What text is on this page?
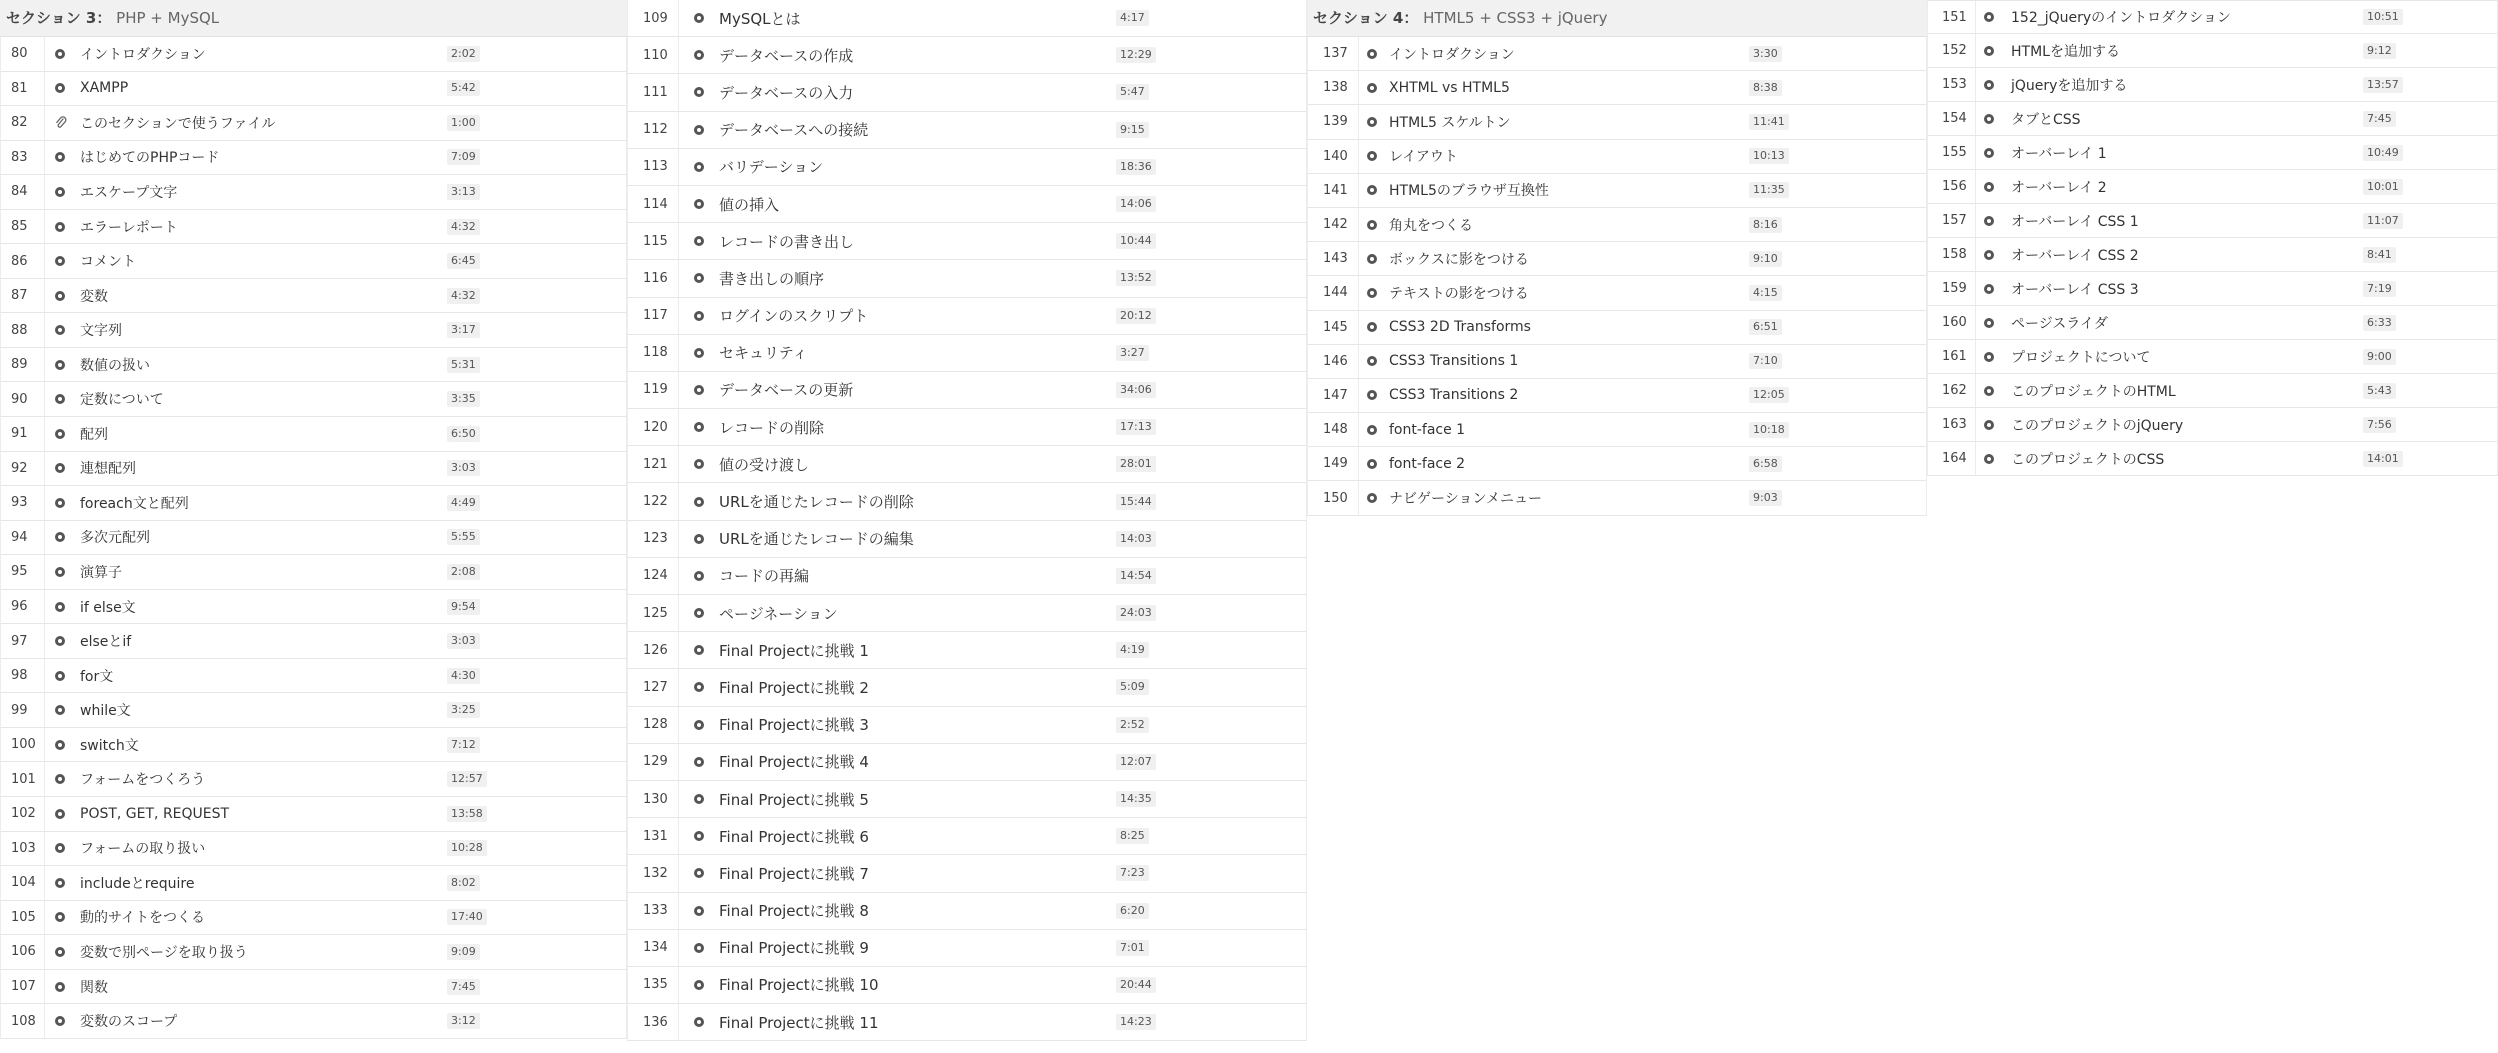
セクション 3： PHP + MySQL
80	イントロダクション	2:02
81	XAMPP	5:42
82	このセクションで使うファイル	1:00
83	はじめてのPHPコード	7:09
84	エスケープ文字	3:13
85	エラーレポート	4:32
86	コメント	6:45
87	変数	4:32
88	文字列	3:17
89	数値の扱い	5:31
90	定数について	3:35
91	配列	6:50
92	連想配列	3:03
93	foreach文と配列	4:49
94	多次元配列	5:55
95	演算子	2:08
96	if else文	9:54
97	elseとif	3:03
98	for文	4:30
99	while文	3:25
100	switch文	7:12
101	フォームをつくろう	12:57
102	POST, GET, REQUEST	13:58
103	フォームの取り扱い	10:28
104	includeとrequire	8:02
105	動的サイトをつくる	17:40
106	変数で別ページを取り扱う	9:09
107	関数	7:45
108	変数のスコープ	3:12
109	MySQLとは	4:17
110	データベースの作成	12:29
111	データベースの入力	5:47
112	データベースへの接続	9:15
113	バリデーション	18:36
114	値の挿入	14:06
115	レコードの書き出し	10:44
116	書き出しの順序	13:52
117	ログインのスクリプト	20:12
118	セキュリティ	3:27
119	データベースの更新	34:06
120	レコードの削除	17:13
121	値の受け渡し	28:01
122	URLを通じたレコードの削除	15:44
123	URLを通じたレコードの編集	14:03
124	コードの再編	14:54
125	ページネーション	24:03
126	Final Projectに挑戦 1	4:19
127	Final Projectに挑戦 2	5:09
128	Final Projectに挑戦 3	2:52
129	Final Projectに挑戦 4	12:07
130	Final Projectに挑戦 5	14:35
131	Final Projectに挑戦 6	8:25
132	Final Projectに挑戦 7	7:23
133	Final Projectに挑戦 8	6:20
134	Final Projectに挑戦 9	7:01
135	Final Projectに挑戦 10	20:44
136	Final Projectに挑戦 11	14:23
セクション 4： HTML5 + CSS3 + jQuery
137	イントロダクション	3:30
138	XHTML vs HTML5	8:38
139	HTML5 スケルトン	11:41
140	レイアウト	10:13
141	HTML5のブラウザ互換性	11:35
142	角丸をつくる	8:16
143	ボックスに影をつける	9:10
144	テキストの影をつける	4:15
145	CSS3 2D Transforms	6:51
146	CSS3 Transitions 1	7:10
147	CSS3 Transitions 2	12:05
148	font-face 1	10:18
149	font-face 2	6:58
150	ナビゲーションメニュー	9:03
151	152_jQueryのイントロダクション	10:51
152	HTMLを追加する	9:12
153	jQueryを追加する	13:57
154	タブとCSS	7:45
155	オーバーレイ 1	10:49
156	オーバーレイ 2	10:01
157	オーバーレイ CSS 1	11:07
158	オーバーレイ CSS 2	8:41
159	オーバーレイ CSS 3	7:19
160	ページスライダ	6:33
161	プロジェクトについて	9:00
162	このプロジェクトのHTML	5:43
163	このプロジェクトのjQuery	7:56
164	このプロジェクトのCSS	14:01
